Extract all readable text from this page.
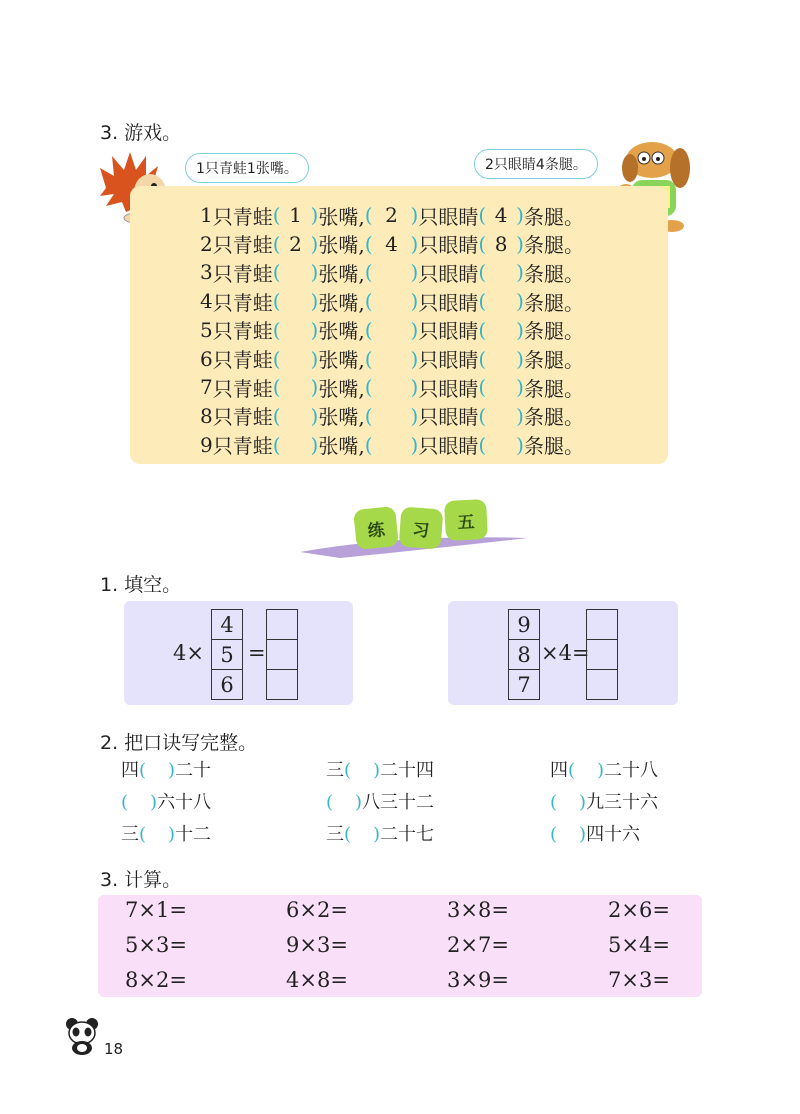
3. 游戏。
1只青蛙1张嘴。	2只眼睛4条腿。
1 只青蛙 ( 1 ) 张嘴, ( 2 ) 只眼睛 ( 4 ) 条腿。
2 只青蛙 ( 2 ) 张嘴, ( 4 ) 只眼睛 ( 8 ) 条腿。
3 只青蛙 ( ) 张嘴, ( ) 只眼睛 ( ) 条腿。
4 只青蛙 ( ) 张嘴, ( ) 只眼睛 ( ) 条腿。
5 只青蛙 ( ) 张嘴, ( ) 只眼睛 ( ) 条腿。
6 只青蛙 ( ) 张嘴, ( ) 只眼睛 ( ) 条腿。
7 只青蛙 ( ) 张嘴, ( ) 只眼睛 ( ) 条腿。
8 只青蛙 ( ) 张嘴, ( ) 只眼睛 ( ) 条腿。
9 只青蛙 ( ) 张嘴, ( ) 只眼睛 ( ) 条腿。
练	习	五
1. 填空。
4×
4
5
6
=
9
8
7
×4=
2. 把口诀写完整。
四( )二十	三( )二十四	四( )二十八
( )六十八	( )八三十二	( )九三十六
三( )十二	三( )二十七	( )四十六
3. 计算。
7×1=	6×2=	3×8=	2×6=
5×3=	9×3=	2×7=	5×4=
8×2=	4×8=	3×9=	7×3=
18
